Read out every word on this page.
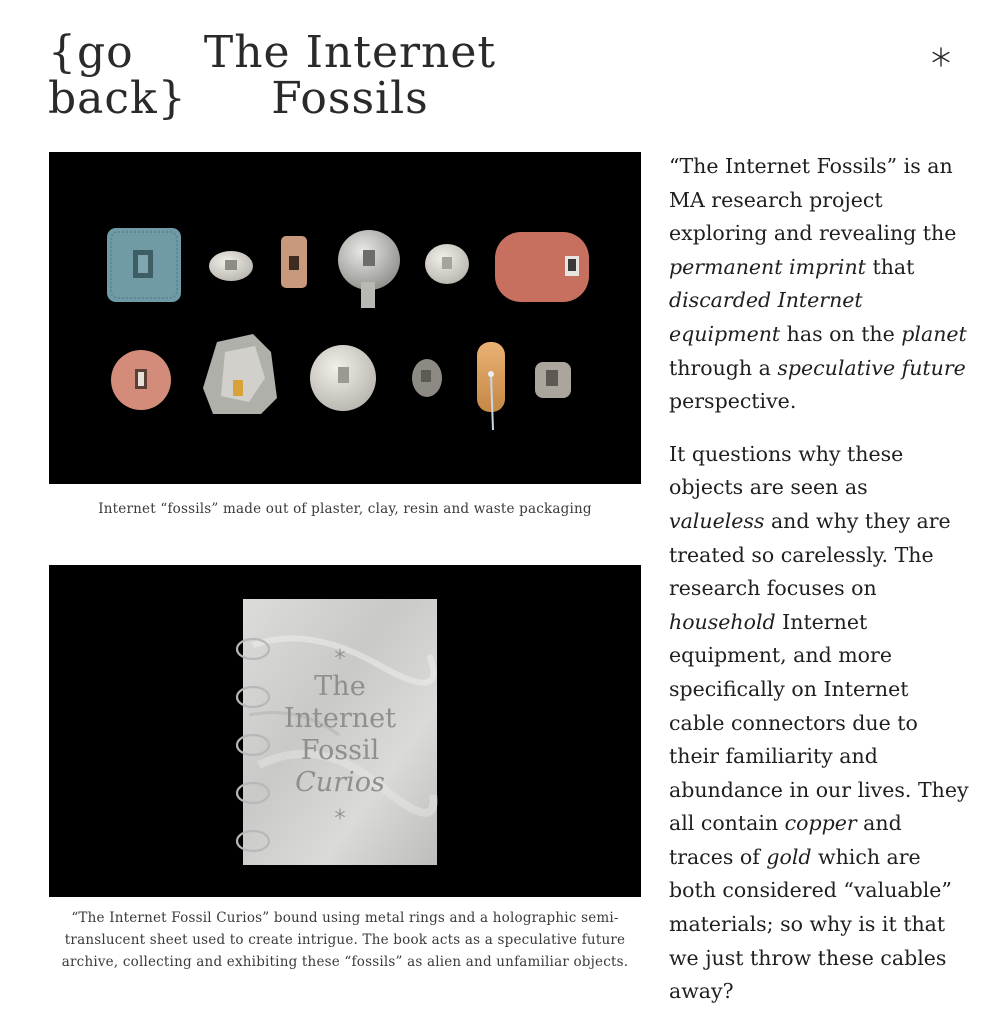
{go
back}
The Internet
Fossils
Internet “fossils” made out of plaster, clay, resin and waste packaging
The
Internet
Fossil
Curios
“The Internet Fossil Curios” bound using metal rings and a holographic semi-translucent sheet used to create intrigue. The book acts as a speculative future archive, collecting and exhibiting these “fossils” as alien and unfamiliar objects.

“The Internet Fossils” is an MA research project exploring and revealing the permanent imprint that discarded Internet equipment has on the planet through a speculative future perspective.

It questions why these objects are seen as valueless and why they are treated so carelessly. The research focuses on household Internet equipment, and more specifically on Internet cable connectors due to their familiarity and abundance in our lives. They all contain copper and traces of gold which are both considered “valuable” materials; so why is it that we just throw these cables away?
